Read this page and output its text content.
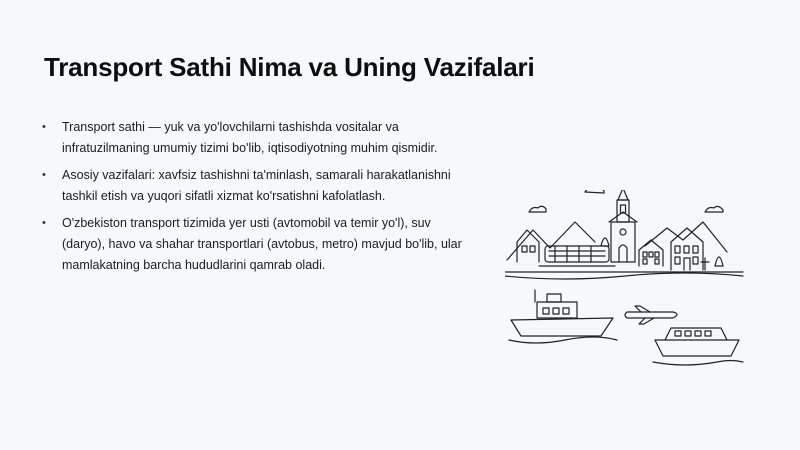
Transport Sathi Nima va Uning Vazifalari
• Transport sathi — yuk va yo'lovchilarni tashishda vositalar va infratuzilmaning umumiy tizimi bo'lib, iqtisodiyotning muhim qismidir.
• Asosiy vazifalari: xavfsiz tashishni ta'minlash, samarali harakatlanishni tashkil etish va yuqori sifatli xizmat ko'rsatishni kafolatlash.
• O'zbekiston transport tizimida yer usti (avtomobil va temir yo'l), suv (daryo), havo va shahar transportlari (avtobus, metro) mavjud bo'lib, ular mamlakatning barcha hududlarini qamrab oladi.
